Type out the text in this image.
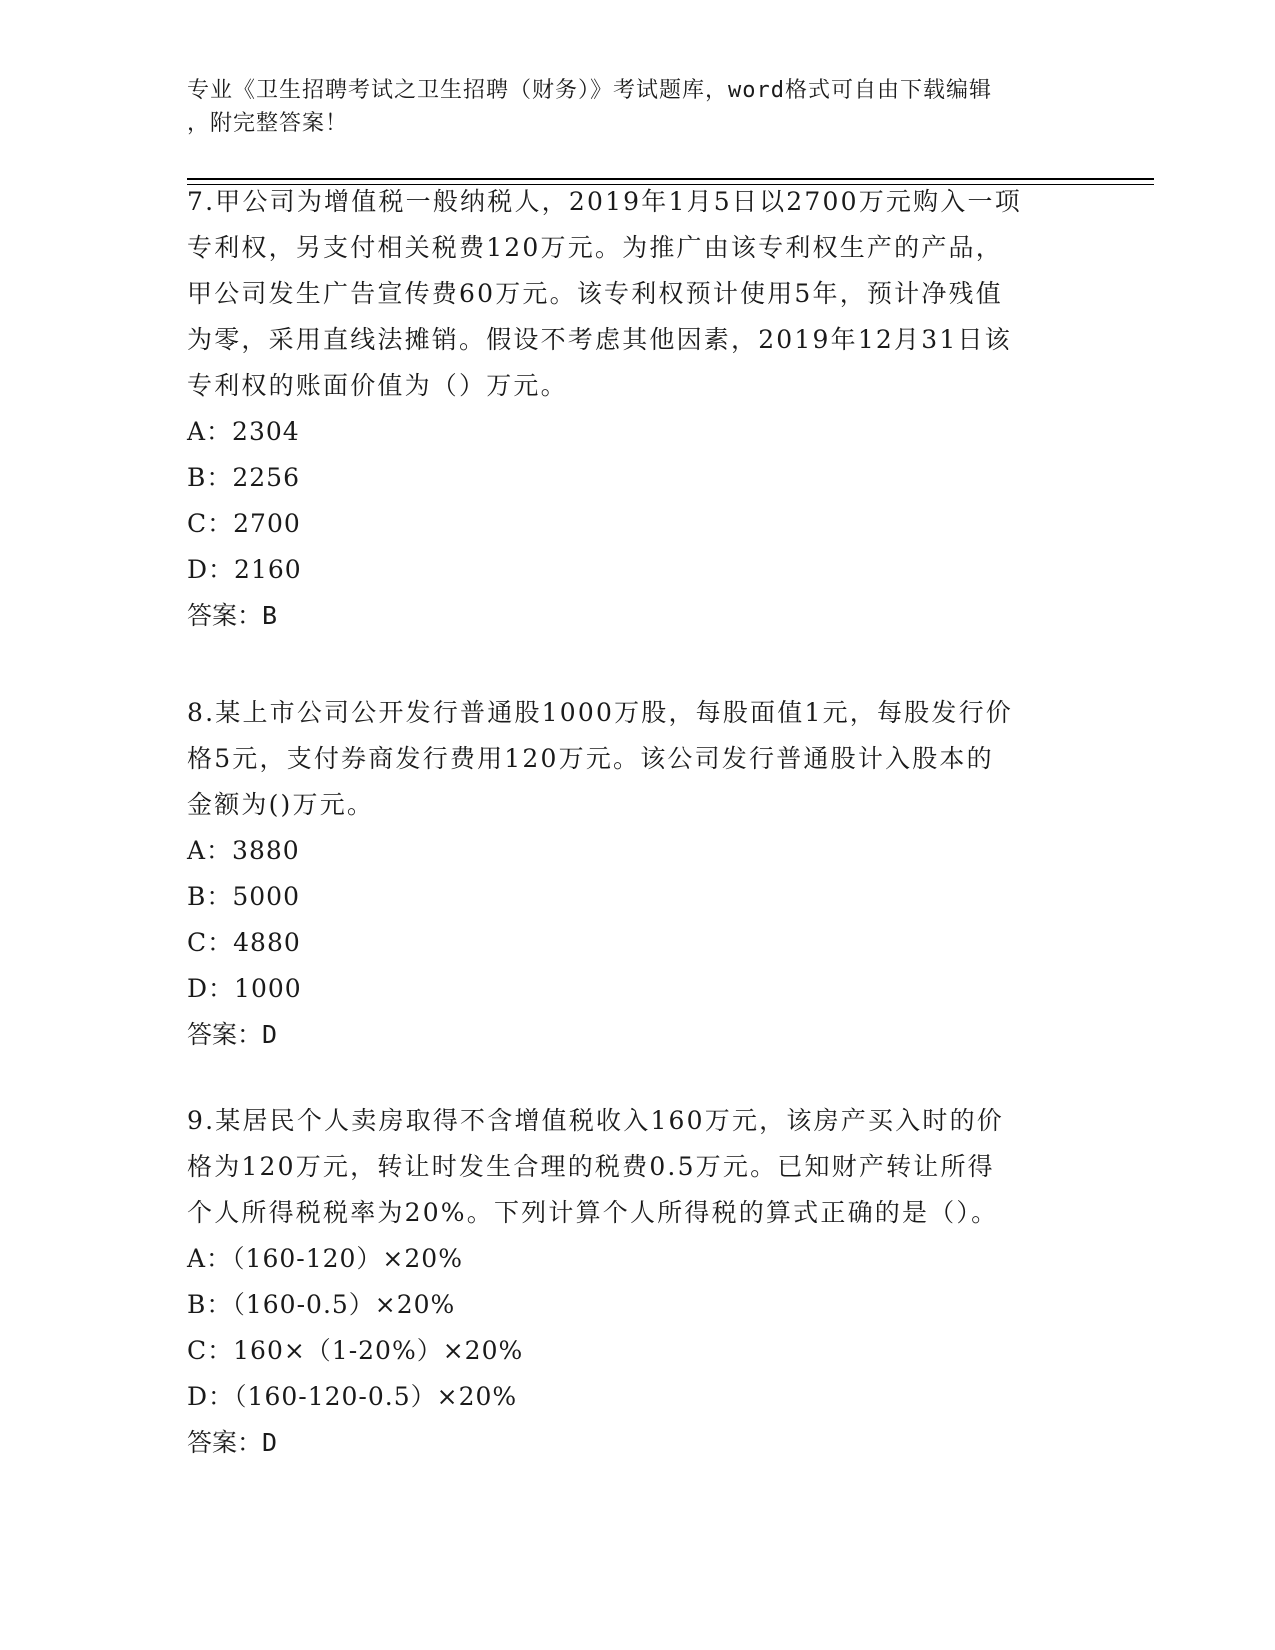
专业《卫生招聘考试之卫生招聘（财务）》考试题库，word格式可自由下载编辑
，附完整答案！
7.甲公司为增值税一般纳税人，2019年1月5日以2700万元购入一项
专利权，另支付相关税费120万元。为推广由该专利权生产的产品，
甲公司发生广告宣传费60万元。该专利权预计使用5年，预计净残值
为零，采用直线法摊销。假设不考虑其他因素，2019年12月31日该
专利权的账面价值为（）万元。
A：2304
B：2256
C：2700
D：2160
答案：B
8.某上市公司公开发行普通股1000万股，每股面值1元，每股发行价
格5元，支付券商发行费用120万元。该公司发行普通股计入股本的
金额为()万元。
A：3880
B：5000
C：4880
D：1000
答案：D
9.某居民个人卖房取得不含增值税收入160万元，该房产买入时的价
格为120万元，转让时发生合理的税费0.5万元。已知财产转让所得
个人所得税税率为20%。下列计算个人所得税的算式正确的是（）。
A：（160-120）×20%
B：（160-0.5）×20%
C：160×（1-20%）×20%
D：（160-120-0.5）×20%
答案：D
